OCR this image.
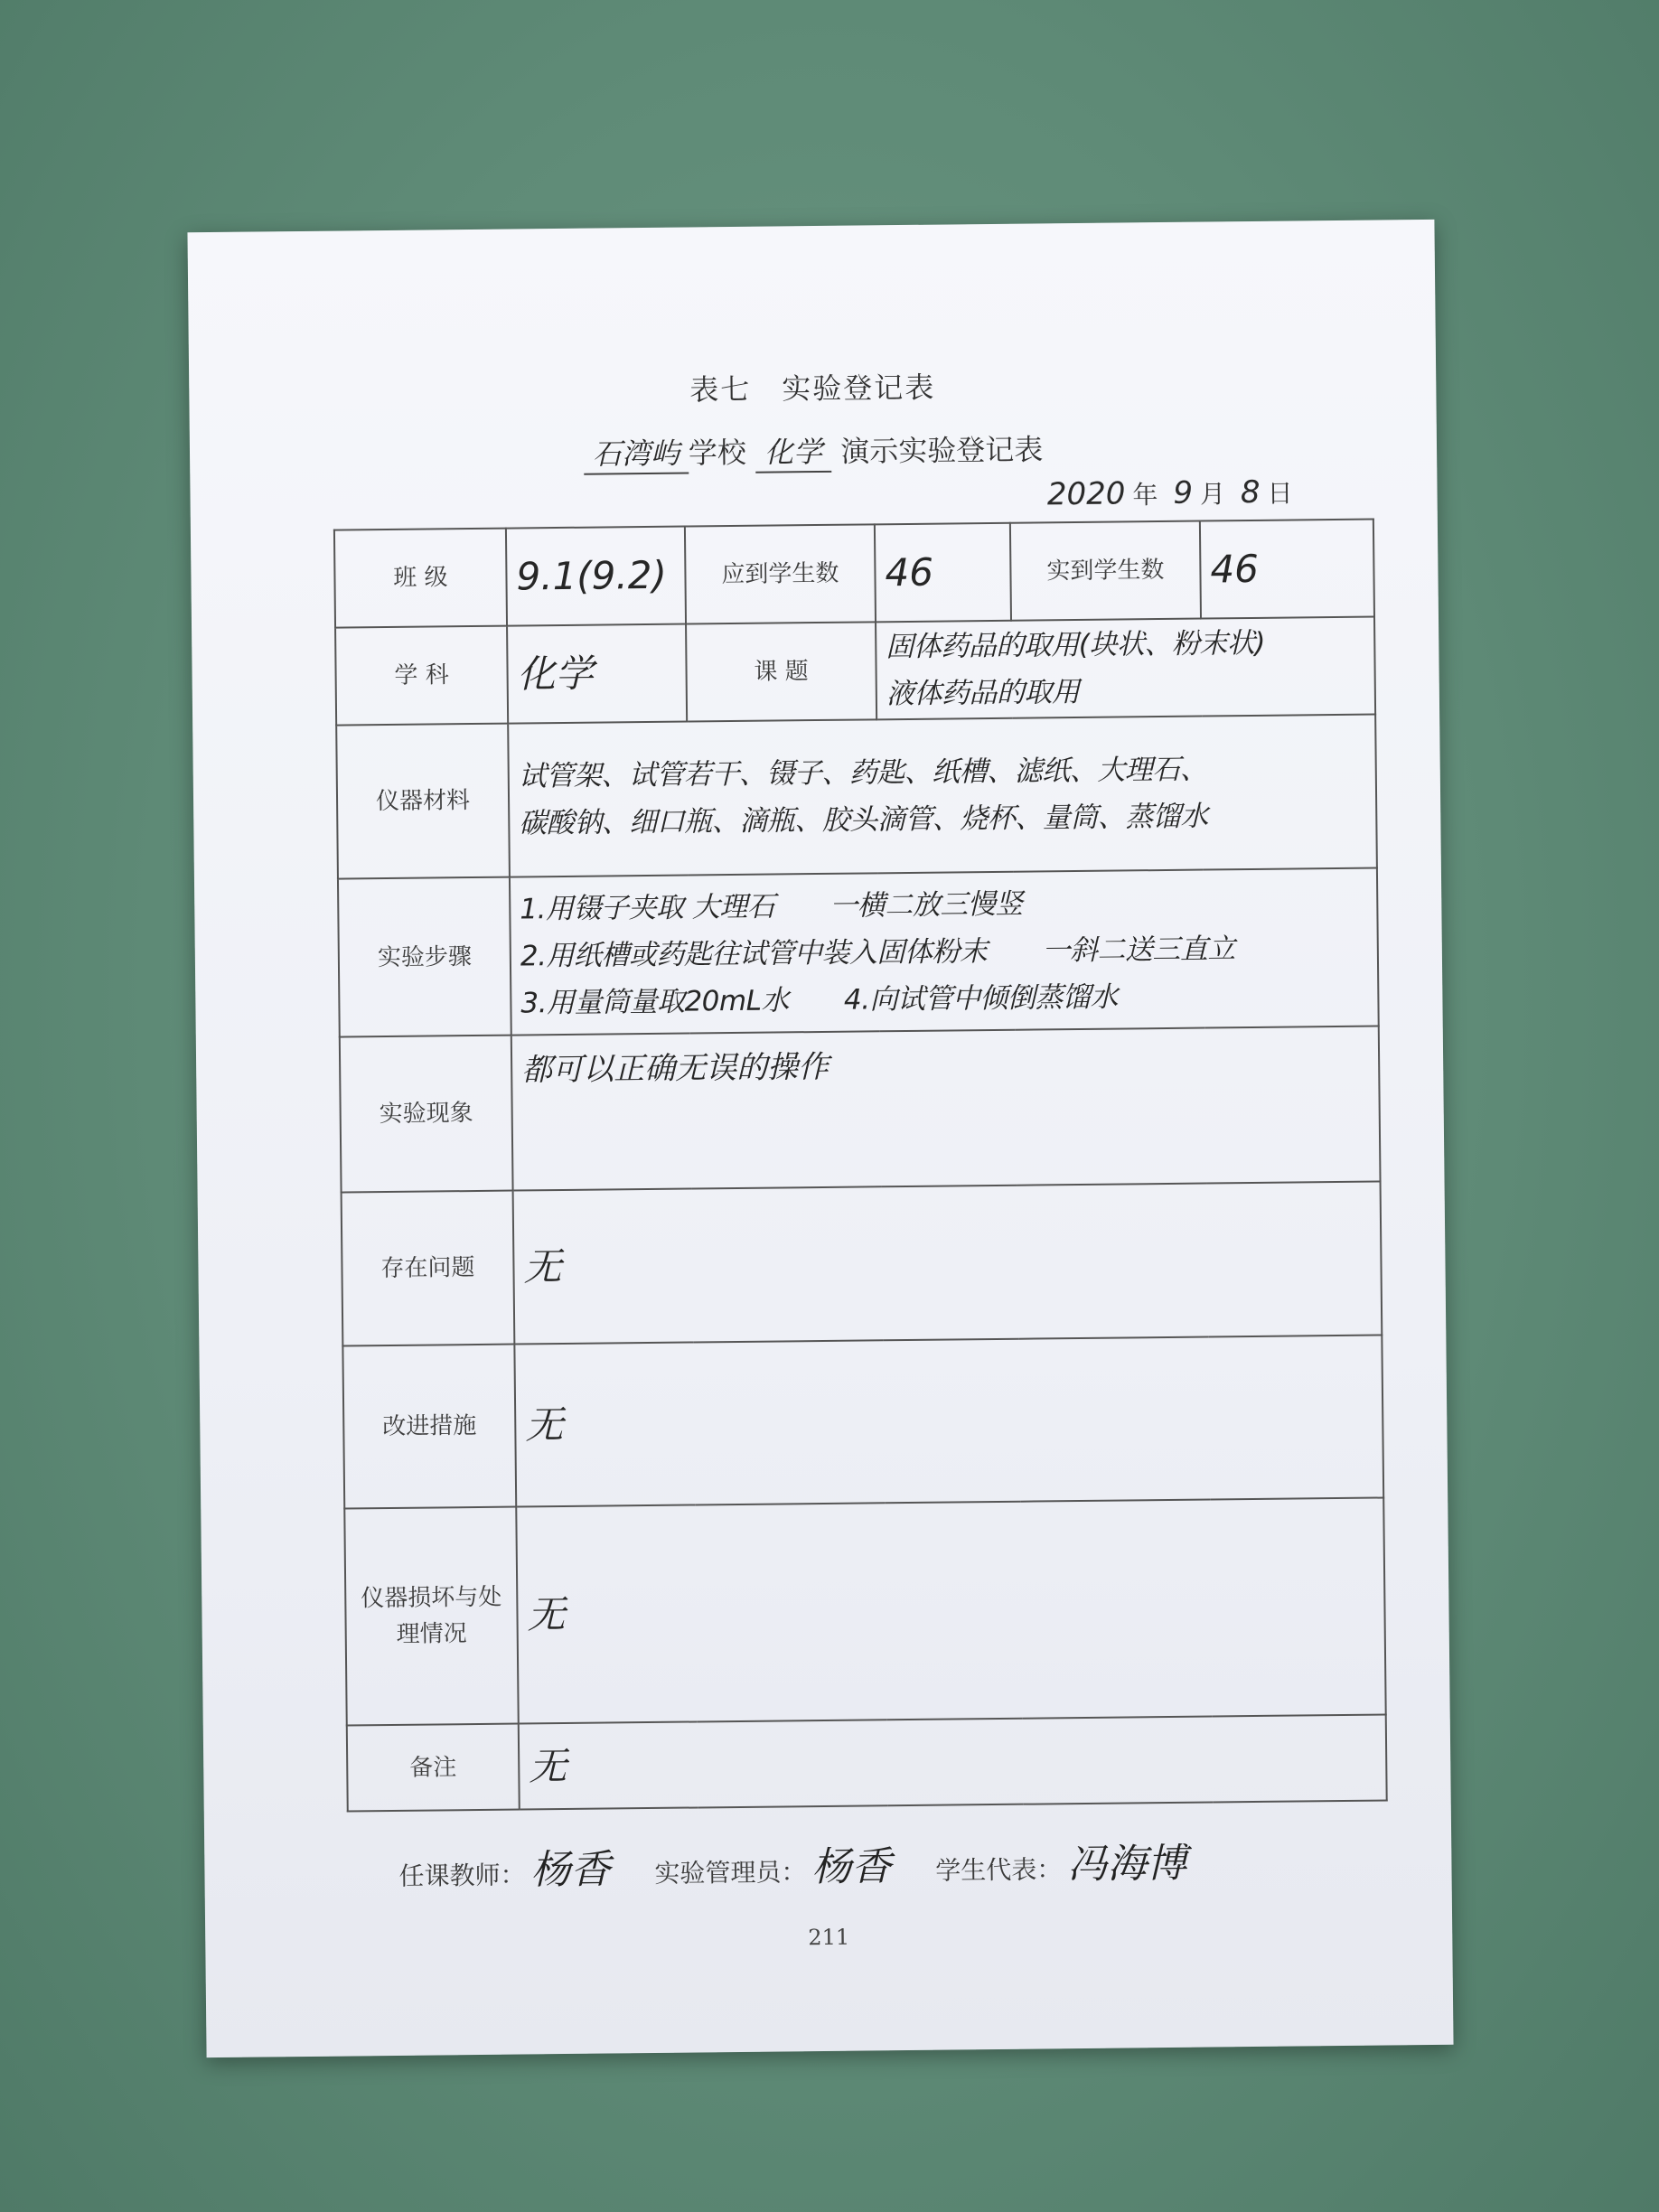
表七　实验登记表
石湾屿 学校 化学 演示实验登记表
2020 年 9 月 8 日
班 级	9.1(9.2)	应到学生数	46	实到学生数	46
学 科	化学	课 题	固体药品的取用(块状、粉末状)
液体药品的取用		

仪器材料	试管架、试管若干、镊子、药匙、纸槽、滤纸、大理石、
碳酸钠、细口瓶、滴瓶、胶头滴管、烧杯、量筒、蒸馏水				

实验步骤	1.用镊子夹取 大理石　　一横二放三慢竖
2.用纸槽或药匙往试管中装入固体粉末　　一斜二送三直立
3.用量筒量取20mL水　　4.向试管中倾倒蒸馏水				

实验现象	都可以正确无误的操作				

存在问题	无				
改进措施	无				
仪器损坏与处理情况	无				
备注	无				
任课教师： 杨香 实验管理员： 杨香 学生代表： 冯海博
211
